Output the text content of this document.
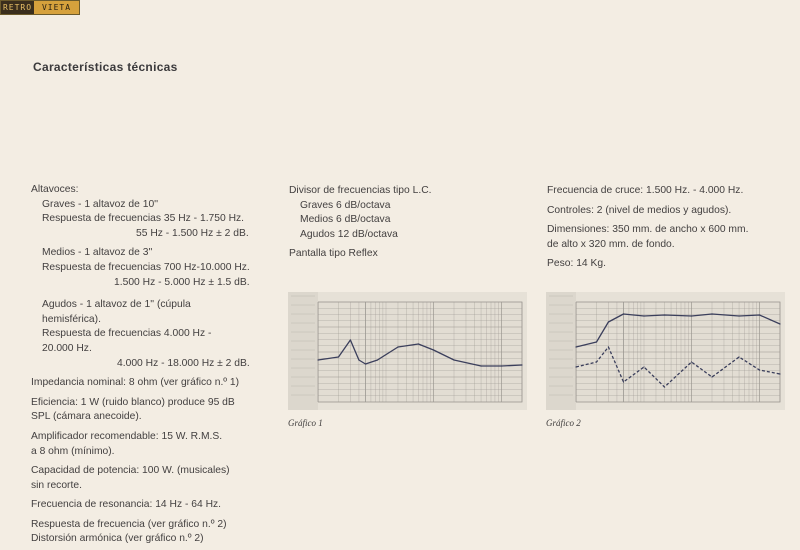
RETRO	VIETA
Características técnicas
Altavoces:
Graves - 1 altavoz de 10''
Respuesta de frecuencias 35 Hz - 1.750 Hz.
55 Hz - 1.500 Hz ± 2 dB.
Medios - 1 altavoz de 3''
Respuesta de frecuencias 700 Hz-10.000 Hz.
1.500 Hz - 5.000 Hz ± 1.5 dB.
Agudos - 1 altavoz de 1'' (cúpula
hemisférica).
Respuesta de frecuencias 4.000 Hz -
20.000 Hz.
4.000 Hz - 18.000 Hz ± 2 dB.
Impedancia nominal: 8 ohm (ver gráfico n.º 1)
Eficiencia: 1 W (ruido blanco) produce 95 dB
SPL (cámara anecoide).
Amplificador recomendable: 15 W. R.M.S.
a 8 ohm (mínimo).
Capacidad de potencia: 100 W. (musicales)
sin recorte.
Frecuencia de resonancia: 14 Hz - 64 Hz.
Respuesta de frecuencia (ver gráfico n.º 2)
Distorsión armónica (ver gráfico n.º 2)
Divisor de frecuencias tipo L.C.
Graves 6 dB/octava
Medios 6 dB/octava
Agudos 12 dB/octava
Pantalla tipo Reflex
Frecuencia de cruce: 1.500 Hz. - 4.000 Hz.
Controles: 2 (nivel de medios y agudos).
Dimensiones: 350 mm. de ancho x 600 mm.
de alto x 320 mm. de fondo.
Peso: 14 Kg.
Gráfico 1	Gráfico 2
